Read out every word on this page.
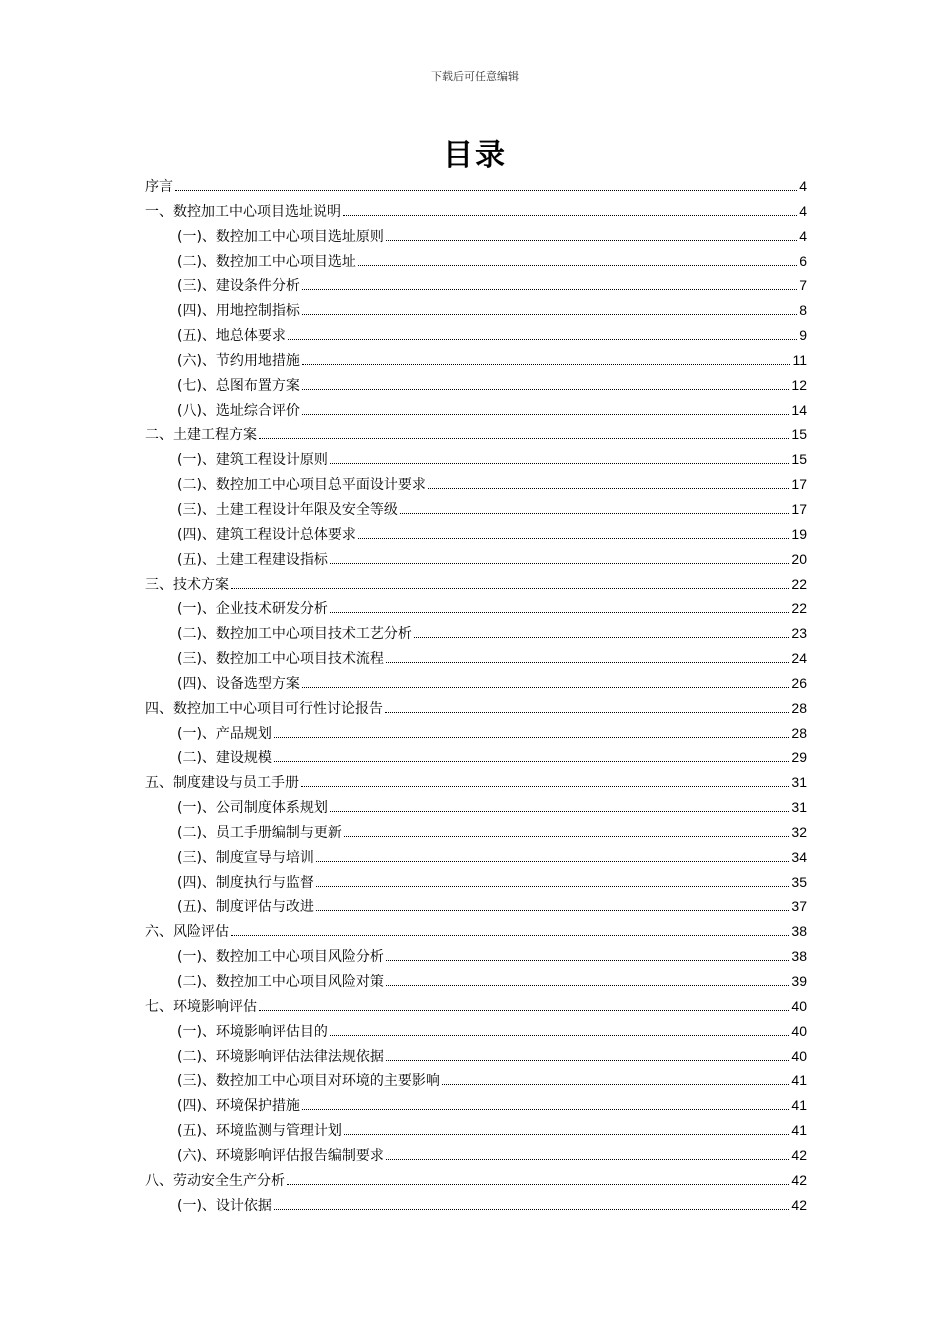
下载后可任意编辑
目录
序言	4
一、数控加工中心项目选址说明	4
(一)、数控加工中心项目选址原则	4
(二)、数控加工中心项目选址	6
(三)、建设条件分析	7
(四)、用地控制指标	8
(五)、地总体要求	9
(六)、节约用地措施	11
(七)、总图布置方案	12
(八)、选址综合评价	14
二、土建工程方案	15
(一)、建筑工程设计原则	15
(二)、数控加工中心项目总平面设计要求	17
(三)、土建工程设计年限及安全等级	17
(四)、建筑工程设计总体要求	19
(五)、土建工程建设指标	20
三、技术方案	22
(一)、企业技术研发分析	22
(二)、数控加工中心项目技术工艺分析	23
(三)、数控加工中心项目技术流程	24
(四)、设备选型方案	26
四、数控加工中心项目可行性讨论报告	28
(一)、产品规划	28
(二)、建设规模	29
五、制度建设与员工手册	31
(一)、公司制度体系规划	31
(二)、员工手册编制与更新	32
(三)、制度宣导与培训	34
(四)、制度执行与监督	35
(五)、制度评估与改进	37
六、风险评估	38
(一)、数控加工中心项目风险分析	38
(二)、数控加工中心项目风险对策	39
七、环境影响评估	40
(一)、环境影响评估目的	40
(二)、环境影响评估法律法规依据	40
(三)、数控加工中心项目对环境的主要影响	41
(四)、环境保护措施	41
(五)、环境监测与管理计划	41
(六)、环境影响评估报告编制要求	42
八、劳动安全生产分析	42
(一)、设计依据	42
